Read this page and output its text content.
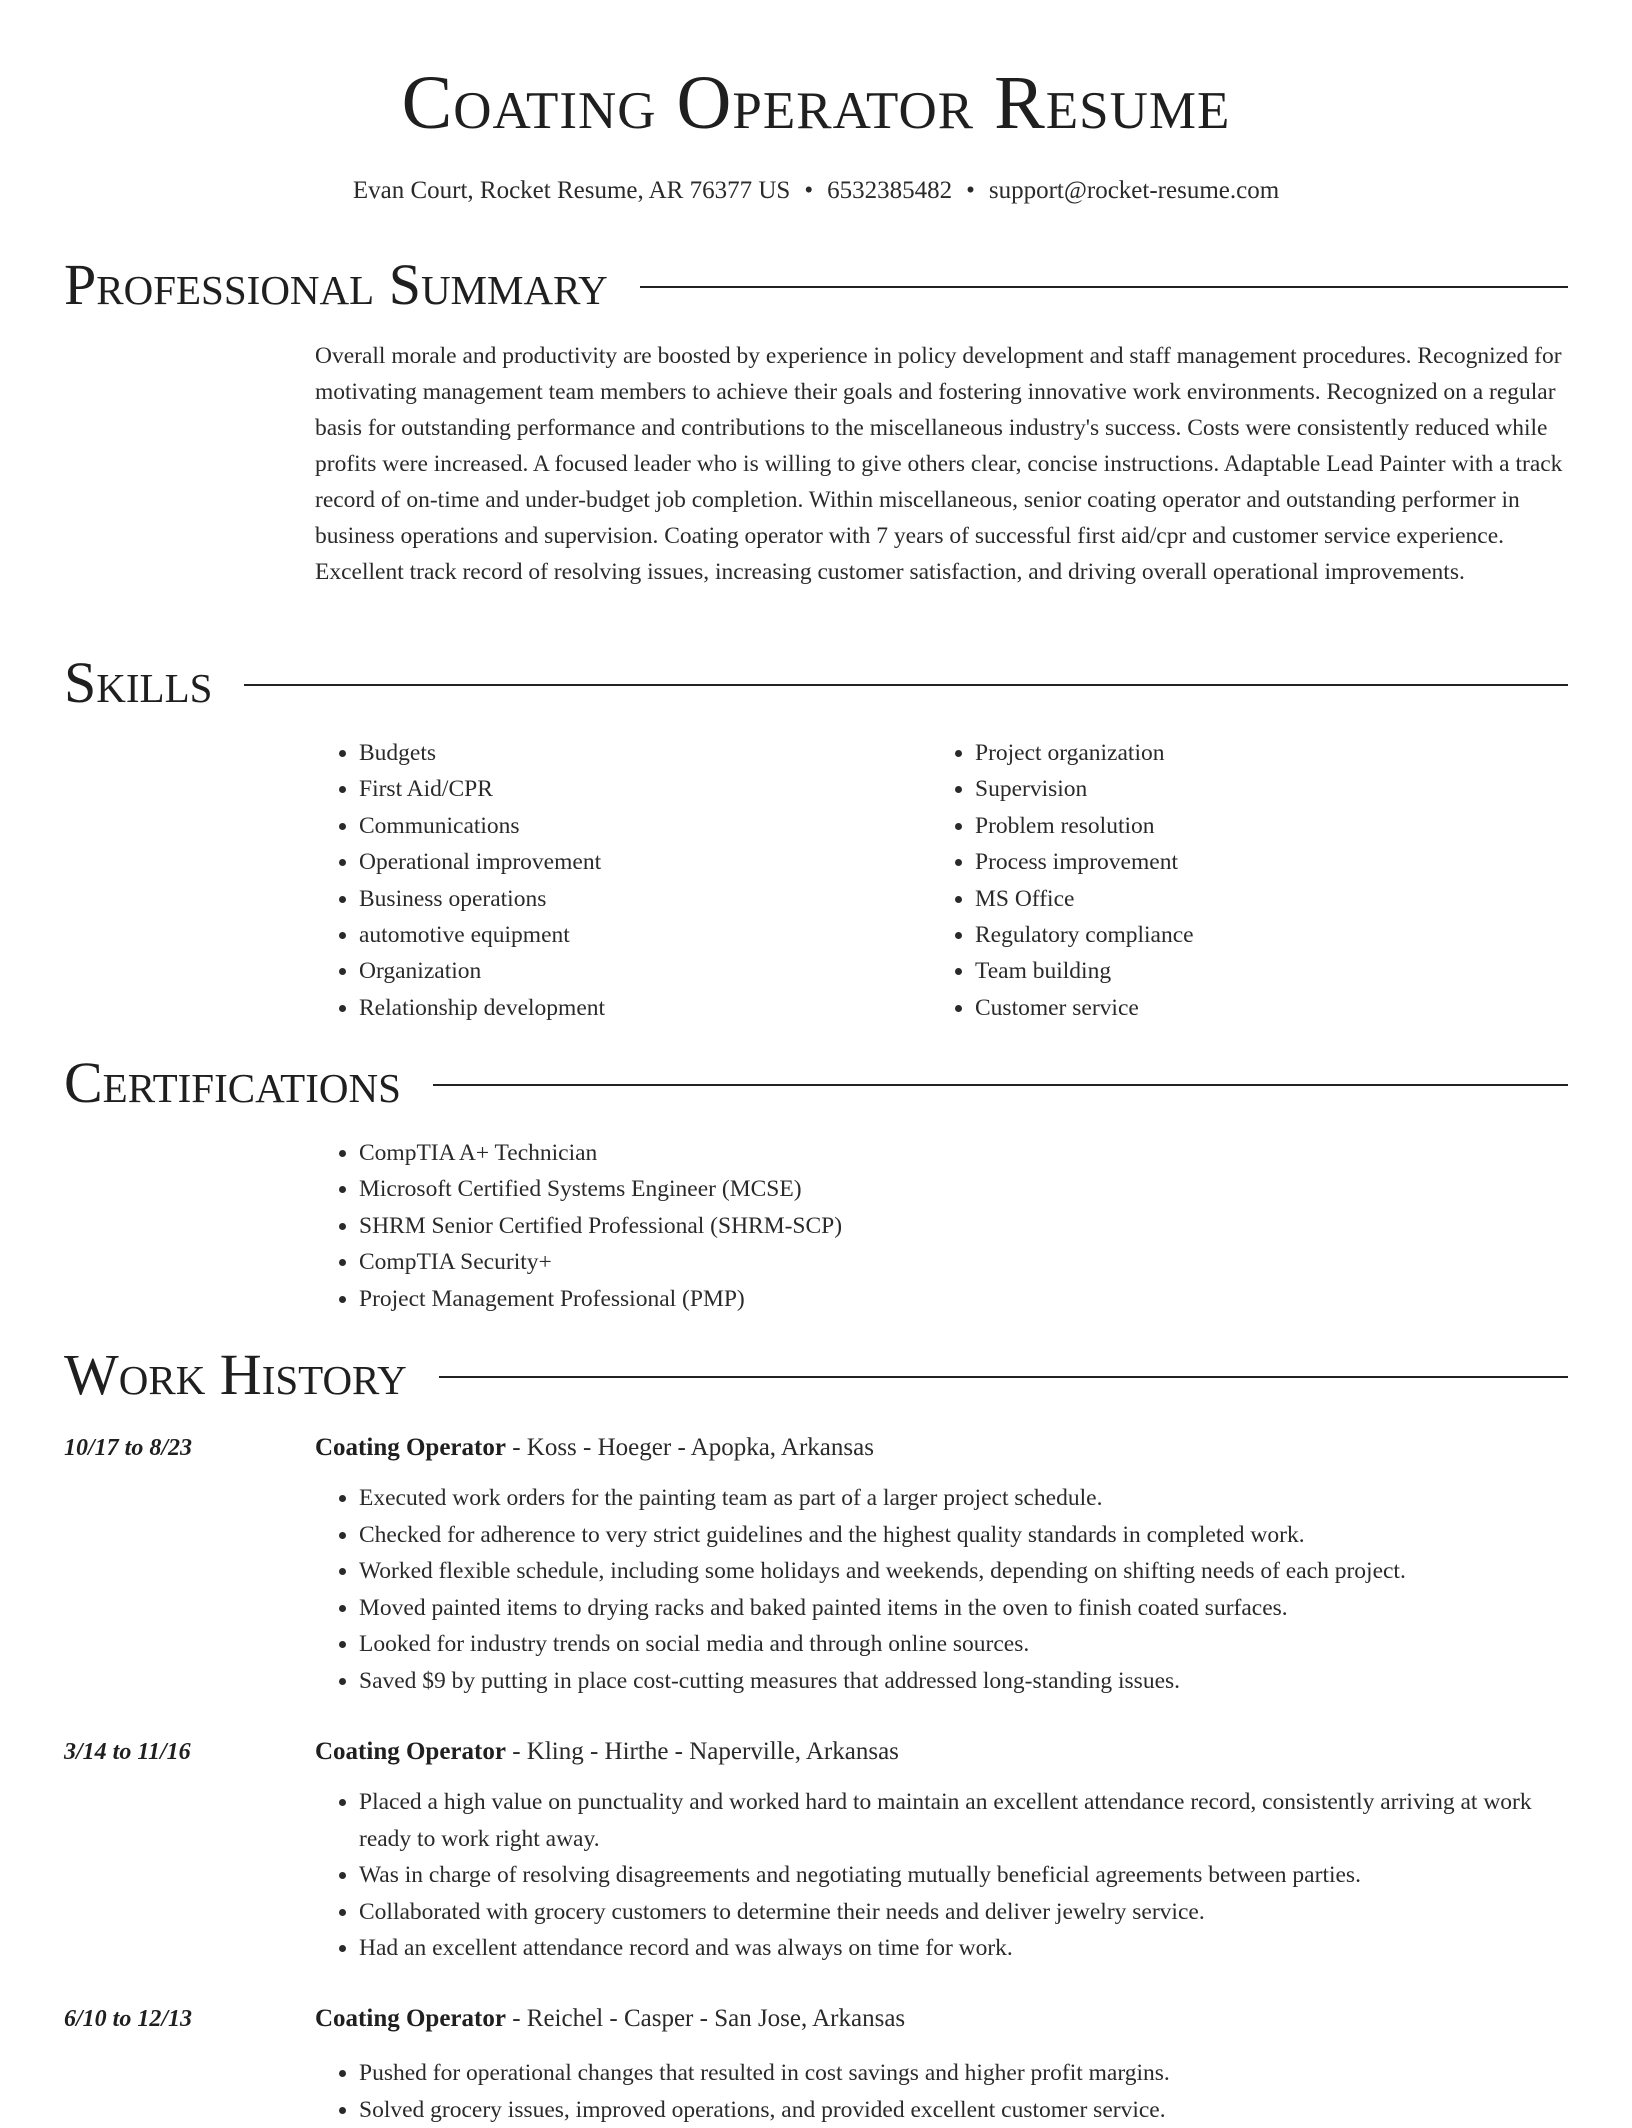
Coating Operator Resume
Evan Court, Rocket Resume, AR 76377 US • 6532385482 • support@rocket-resume.com
Professional Summary

Overall morale and productivity are boosted by experience in policy development and staff management procedures. Recognized for motivating management team members to achieve their goals and fostering innovative work environments. Recognized on a regular basis for outstanding performance and contributions to the miscellaneous industry's success. Costs were consistently reduced while profits were increased. A focused leader who is willing to give others clear, concise instructions. Adaptable Lead Painter with a track record of on-time and under-budget job completion. Within miscellaneous, senior coating operator and outstanding performer in business operations and supervision. Coating operator with 7 years of successful first aid/cpr and customer service experience. Excellent track record of resolving issues, increasing customer satisfaction, and driving overall operational improvements.

Skills
• Budgets
• First Aid/CPR
• Communications
• Operational improvement
• Business operations
• automotive equipment
• Organization
• Relationship development
• Project organization
• Supervision
• Problem resolution
• Process improvement
• MS Office
• Regulatory compliance
• Team building
• Customer service
Certifications
• CompTIA A+ Technician
• Microsoft Certified Systems Engineer (MCSE)
• SHRM Senior Certified Professional (SHRM-SCP)
• CompTIA Security+
• Project Management Professional (PMP)
Work History
10/17 to 8/23	Coating Operator - Koss - Hoeger - Apopka, Arkansas
• Executed work orders for the painting team as part of a larger project schedule.
• Checked for adherence to very strict guidelines and the highest quality standards in completed work.
• Worked flexible schedule, including some holidays and weekends, depending on shifting needs of each project.
• Moved painted items to drying racks and baked painted items in the oven to finish coated surfaces.
• Looked for industry trends on social media and through online sources.
• Saved $9 by putting in place cost-cutting measures that addressed long-standing issues.
3/14 to 11/16	Coating Operator - Kling - Hirthe - Naperville, Arkansas
• Placed a high value on punctuality and worked hard to maintain an excellent attendance record, consistently arriving at work ready to work right away.
• Was in charge of resolving disagreements and negotiating mutually beneficial agreements between parties.
• Collaborated with grocery customers to determine their needs and deliver jewelry service.
• Had an excellent attendance record and was always on time for work.
6/10 to 12/13	Coating Operator - Reichel - Casper - San Jose, Arkansas
• Pushed for operational changes that resulted in cost savings and higher profit margins.
• Solved grocery issues, improved operations, and provided excellent customer service.
